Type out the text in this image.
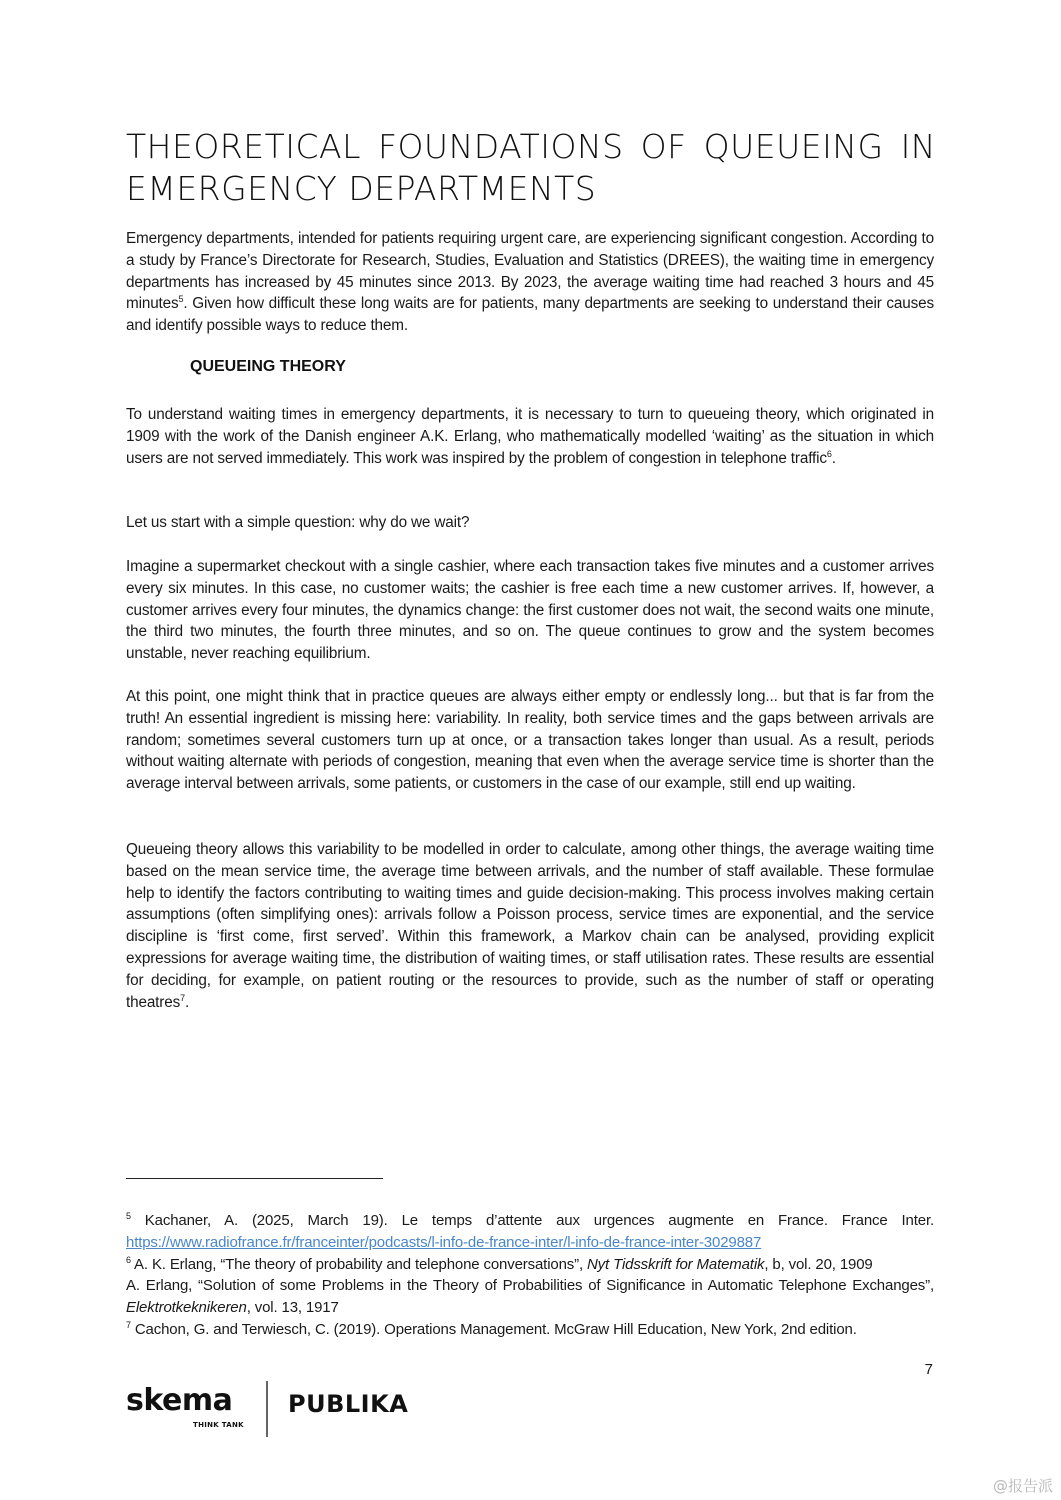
THEORETICAL FOUNDATIONS OF QUEUEING IN
EMERGENCY DEPARTMENTS
Emergency departments, intended for patients requiring urgent care, are experiencing significant congestion. According to a study by France’s Directorate for Research, Studies, Evaluation and Statistics (DREES), the waiting time in emergency departments has increased by 45 minutes since 2013. By 2023, the average waiting time had reached 3 hours and 45 minutes$^5$. Given how difficult these long waits are for patients, many departments are seeking to understand their causes and identify possible ways to reduce them.
QUEUEING THEORY
To understand waiting times in emergency departments, it is necessary to turn to queueing theory, which originated in 1909 with the work of the Danish engineer A.K. Erlang, who mathematically modelled ‘waiting’ as the situation in which users are not served immediately. This work was inspired by the problem of congestion in telephone traffic$^6$.
Let us start with a simple question: why do we wait?
Imagine a supermarket checkout with a single cashier, where each transaction takes five minutes and a customer arrives every six minutes. In this case, no customer waits; the cashier is free each time a new customer arrives. If, however, a customer arrives every four minutes, the dynamics change: the first customer does not wait, the second waits one minute, the third two minutes, the fourth three minutes, and so on. The queue continues to grow and the system becomes unstable, never reaching equilibrium.
At this point, one might think that in practice queues are always either empty or endlessly long... but that is far from the truth! An essential ingredient is missing here: variability. In reality, both service times and the gaps between arrivals are random; sometimes several customers turn up at once, or a transaction takes longer than usual. As a result, periods without waiting alternate with periods of congestion, meaning that even when the average service time is shorter than the average interval between arrivals, some patients, or customers in the case of our example, still end up waiting.
Queueing theory allows this variability to be modelled in order to calculate, among other things, the average waiting time based on the mean service time, the average time between arrivals, and the number of staff available. These formulae help to identify the factors contributing to waiting times and guide decision-making. This process involves making certain assumptions (often simplifying ones): arrivals follow a Poisson process, service times are exponential, and the service discipline is ‘first come, first served’. Within this framework, a Markov chain can be analysed, providing explicit expressions for average waiting time, the distribution of waiting times, or staff utilisation rates. These results are essential for deciding, for example, on patient routing or the resources to provide, such as the number of staff or operating theatres$^7$.

$^5$ Kachaner, A. (2025, March 19). Le temps d’attente aux urgences augmente en France. France Inter. https://www.radiofrance.fr/franceinter/podcasts/l-info-de-france-inter/l-info-de-france-inter-3029887

$^6$ A. K. Erlang, “The theory of probability and telephone conversations”, Nyt Tidsskrift for Matematik, b, vol. 20, 1909

A. Erlang, “Solution of some Problems in the Theory of Probabilities of Significance in Automatic Telephone Exchanges”, Elektrotkeknikeren, vol. 13, 1917

$^7$ Cachon, G. and Terwiesch, C. (2019). Operations Management. McGraw Hill Education, New York, 2nd edition.

7
skema
THINK TANK
PUBLIKA
@报告派
